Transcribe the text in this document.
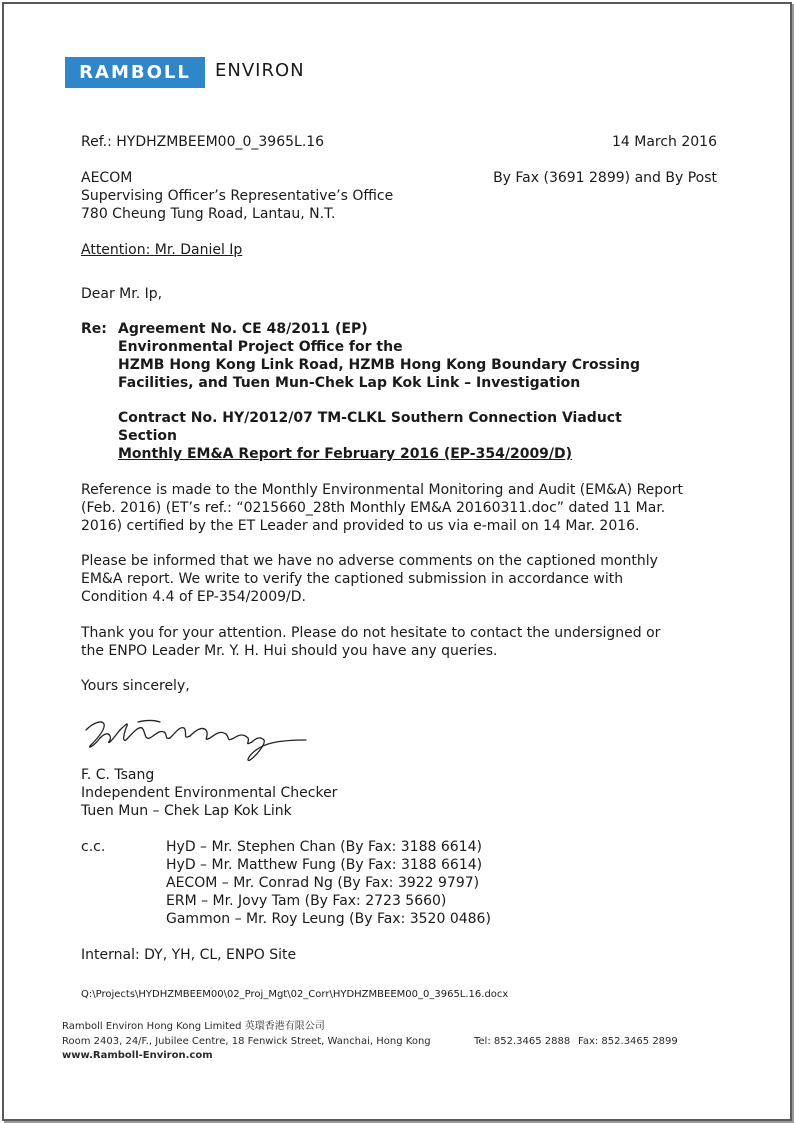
RAMBOLL	ENVIRON
Ref.: HYDHZMBEEM00_0_3965L.16	14 March 2016
AECOM
Supervising Officer’s Representative’s Office
780 Cheung Tung Road, Lantau, N.T.
By Fax (3691 2899) and By Post
Attention: Mr. Daniel Ip
Dear Mr. Ip,
Re: Agreement No. CE 48/2011 (EP)
Environmental Project Office for the
HZMB Hong Kong Link Road, HZMB Hong Kong Boundary Crossing
Facilities, and Tuen Mun-Chek Lap Kok Link – Investigation
Contract No. HY/2012/07 TM-CLKL Southern Connection Viaduct
Section
Monthly EM&A Report for February 2016 (EP-354/2009/D)
Reference is made to the Monthly Environmental Monitoring and Audit (EM&A) Report
(Feb. 2016) (ET’s ref.: “0215660_28th Monthly EM&A 20160311.doc” dated 11 Mar.
2016) certified by the ET Leader and provided to us via e-mail on 14 Mar. 2016.
Please be informed that we have no adverse comments on the captioned monthly
EM&A report. We write to verify the captioned submission in accordance with
Condition 4.4 of EP-354/2009/D.
Thank you for your attention. Please do not hesitate to contact the undersigned or
the ENPO Leader Mr. Y. H. Hui should you have any queries.
Yours sincerely,
F. C. Tsang
Independent Environmental Checker
Tuen Mun – Chek Lap Kok Link
c.c.	HyD – Mr. Stephen Chan (By Fax: 3188 6614)
HyD – Mr. Matthew Fung (By Fax: 3188 6614)
AECOM – Mr. Conrad Ng (By Fax: 3922 9797)
ERM – Mr. Jovy Tam (By Fax: 2723 5660)
Gammon – Mr. Roy Leung (By Fax: 3520 0486)
Internal: DY, YH, CL, ENPO Site
Q:\Projects\HYDHZMBEEM00\02_Proj_Mgt\02_Corr\HYDHZMBEEM00_0_3965L.16.docx
Ramboll Environ Hong Kong Limited 英環香港有限公司
Room 2403, 24/F., Jubilee Centre, 18 Fenwick Street, Wanchai, Hong Kong	Tel: 852.3465 2888 Fax: 852.3465 2899
www.Ramboll-Environ.com
